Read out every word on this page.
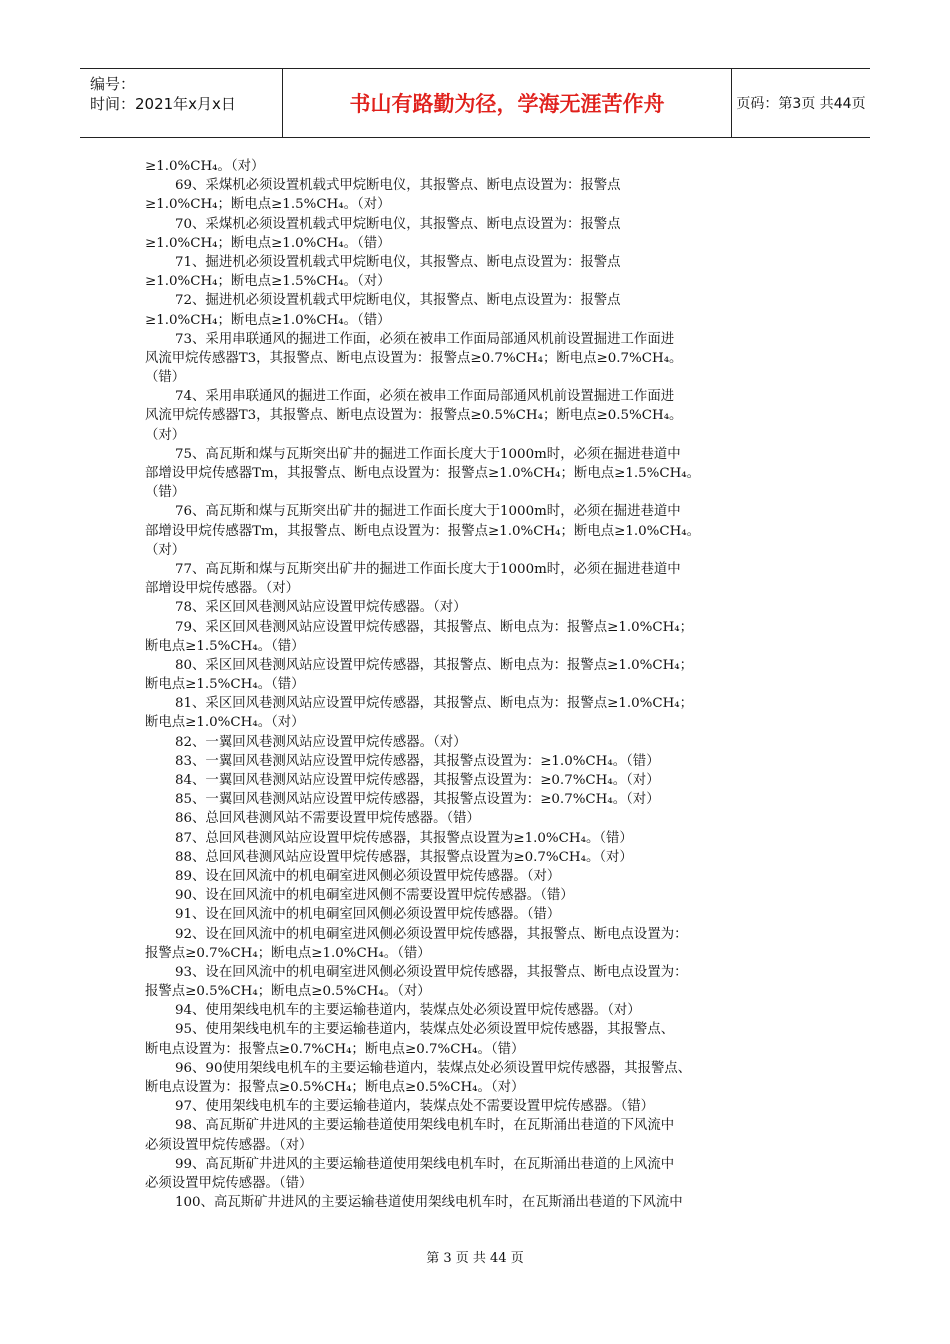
编号：
时间：2021年x月x日	书山有路勤为径，学海无涯苦作舟	页码：第3页 共44页
≥1.0%CH₄。（对）
69、采煤机必须设置机载式甲烷断电仪，其报警点、断电点设置为：报警点
≥1.0%CH₄；断电点≥1.5%CH₄。（对）
70、采煤机必须设置机载式甲烷断电仪，其报警点、断电点设置为：报警点
≥1.0%CH₄；断电点≥1.0%CH₄。（错）
71、掘进机必须设置机载式甲烷断电仪，其报警点、断电点设置为：报警点
≥1.0%CH₄；断电点≥1.5%CH₄。（对）
72、掘进机必须设置机载式甲烷断电仪，其报警点、断电点设置为：报警点
≥1.0%CH₄；断电点≥1.0%CH₄。（错）
73、采用串联通风的掘进工作面，必须在被串工作面局部通风机前设置掘进工作面进
风流甲烷传感器T3，其报警点、断电点设置为：报警点≥0.7%CH₄；断电点≥0.7%CH₄。
（错）
74、采用串联通风的掘进工作面，必须在被串工作面局部通风机前设置掘进工作面进
风流甲烷传感器T3，其报警点、断电点设置为：报警点≥0.5%CH₄；断电点≥0.5%CH₄。
（对）
75、高瓦斯和煤与瓦斯突出矿井的掘进工作面长度大于1000m时，必须在掘进巷道中
部增设甲烷传感器Tm，其报警点、断电点设置为：报警点≥1.0%CH₄；断电点≥1.5%CH₄。
（错）
76、高瓦斯和煤与瓦斯突出矿井的掘进工作面长度大于1000m时，必须在掘进巷道中
部增设甲烷传感器Tm，其报警点、断电点设置为：报警点≥1.0%CH₄；断电点≥1.0%CH₄。
（对）
77、高瓦斯和煤与瓦斯突出矿井的掘进工作面长度大于1000m时，必须在掘进巷道中
部增设甲烷传感器。（对）
78、采区回风巷测风站应设置甲烷传感器。（对）
79、采区回风巷测风站应设置甲烷传感器，其报警点、断电点为：报警点≥1.0%CH₄；
断电点≥1.5%CH₄。（错）
80、采区回风巷测风站应设置甲烷传感器，其报警点、断电点为：报警点≥1.0%CH₄；
断电点≥1.5%CH₄。（错）
81、采区回风巷测风站应设置甲烷传感器，其报警点、断电点为：报警点≥1.0%CH₄；
断电点≥1.0%CH₄。（对）
82、一翼回风巷测风站应设置甲烷传感器。（对）
83、一翼回风巷测风站应设置甲烷传感器，其报警点设置为：≥1.0%CH₄。（错）
84、一翼回风巷测风站应设置甲烷传感器，其报警点设置为：≥0.7%CH₄。（对）
85、一翼回风巷测风站应设置甲烷传感器，其报警点设置为：≥0.7%CH₄。（对）
86、总回风巷测风站不需要设置甲烷传感器。（错）
87、总回风巷测风站应设置甲烷传感器，其报警点设置为≥1.0%CH₄。（错）
88、总回风巷测风站应设置甲烷传感器，其报警点设置为≥0.7%CH₄。（对）
89、设在回风流中的机电硐室进风侧必须设置甲烷传感器。（对）
90、设在回风流中的机电硐室进风侧不需要设置甲烷传感器。（错）
91、设在回风流中的机电硐室回风侧必须设置甲烷传感器。（错）
92、设在回风流中的机电硐室进风侧必须设置甲烷传感器，其报警点、断电点设置为：
报警点≥0.7%CH₄；断电点≥1.0%CH₄。（错）
93、设在回风流中的机电硐室进风侧必须设置甲烷传感器，其报警点、断电点设置为：
报警点≥0.5%CH₄；断电点≥0.5%CH₄。（对）
94、使用架线电机车的主要运输巷道内，装煤点处必须设置甲烷传感器。（对）
95、使用架线电机车的主要运输巷道内，装煤点处必须设置甲烷传感器，其报警点、
断电点设置为：报警点≥0.7%CH₄；断电点≥0.7%CH₄。（错）
96、90使用架线电机车的主要运输巷道内，装煤点处必须设置甲烷传感器，其报警点、
断电点设置为：报警点≥0.5%CH₄；断电点≥0.5%CH₄。（对）
97、使用架线电机车的主要运输巷道内，装煤点处不需要设置甲烷传感器。（错）
98、高瓦斯矿井进风的主要运输巷道使用架线电机车时，在瓦斯涌出巷道的下风流中
必须设置甲烷传感器。（对）
99、高瓦斯矿井进风的主要运输巷道使用架线电机车时，在瓦斯涌出巷道的上风流中
必须设置甲烷传感器。（错）
100、高瓦斯矿井进风的主要运输巷道使用架线电机车时，在瓦斯涌出巷道的下风流中
第 3 页 共 44 页
